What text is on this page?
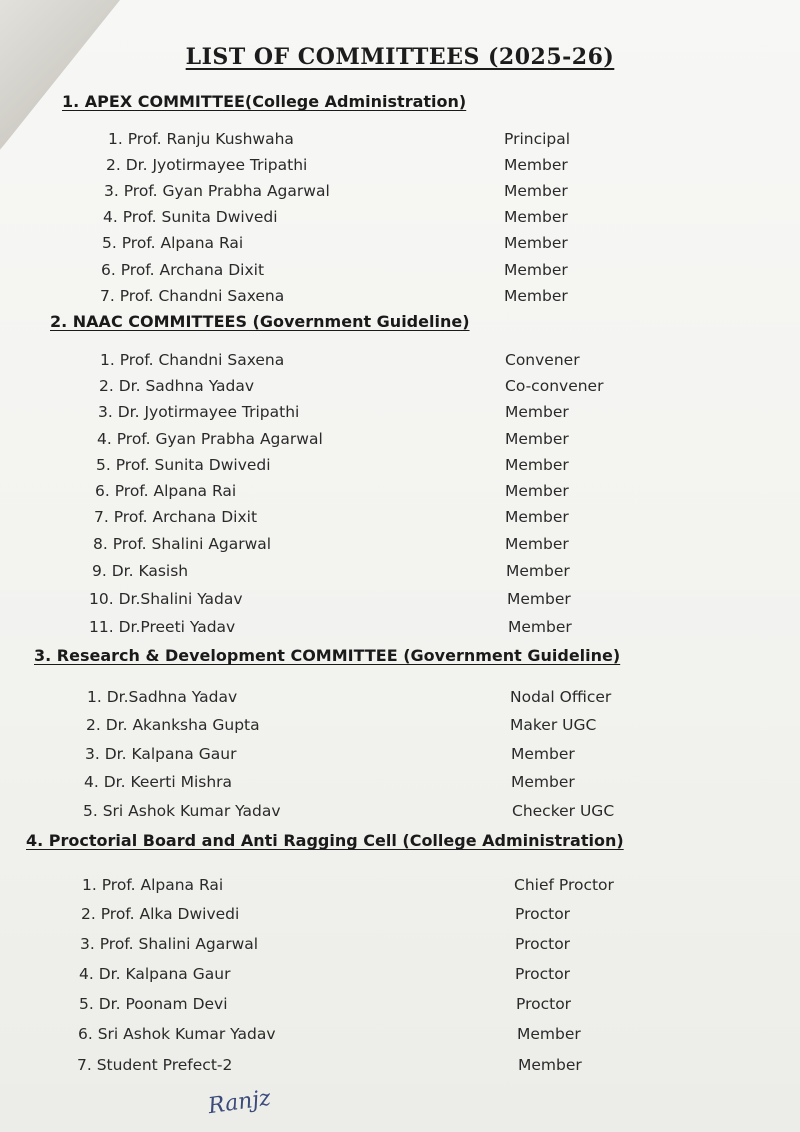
LIST OF COMMITTEES (2025-26)
1. APEX COMMITTEE(College Administration)
1. Prof. Ranju Kushwaha	Principal
2. Dr. Jyotirmayee Tripathi	Member
3. Prof. Gyan Prabha Agarwal	Member
4. Prof. Sunita Dwivedi	Member
5. Prof. Alpana Rai	Member
6. Prof. Archana Dixit	Member
7. Prof. Chandni Saxena	Member
2. NAAC COMMITTEES (Government Guideline)
1. Prof. Chandni Saxena	Convener
2. Dr. Sadhna Yadav	Co-convener
3. Dr. Jyotirmayee Tripathi	Member
4. Prof. Gyan Prabha Agarwal	Member
5. Prof. Sunita Dwivedi	Member
6. Prof. Alpana Rai	Member
7. Prof. Archana Dixit	Member
8. Prof. Shalini Agarwal	Member
9. Dr. Kasish	Member
10. Dr.Shalini Yadav	Member
11. Dr.Preeti Yadav	Member
3. Research & Development COMMITTEE (Government Guideline)
1. Dr.Sadhna Yadav	Nodal Officer
2. Dr. Akanksha Gupta	Maker UGC
3. Dr. Kalpana Gaur	Member
4. Dr. Keerti Mishra	Member
5. Sri Ashok Kumar Yadav	Checker UGC
4. Proctorial Board and Anti Ragging Cell (College Administration)
1. Prof. Alpana Rai	Chief Proctor
2. Prof. Alka Dwivedi	Proctor
3. Prof. Shalini Agarwal	Proctor
4. Dr. Kalpana Gaur	Proctor
5. Dr. Poonam Devi	Proctor
6. Sri Ashok Kumar Yadav	Member
7. Student Prefect-2	Member
Ranjz
